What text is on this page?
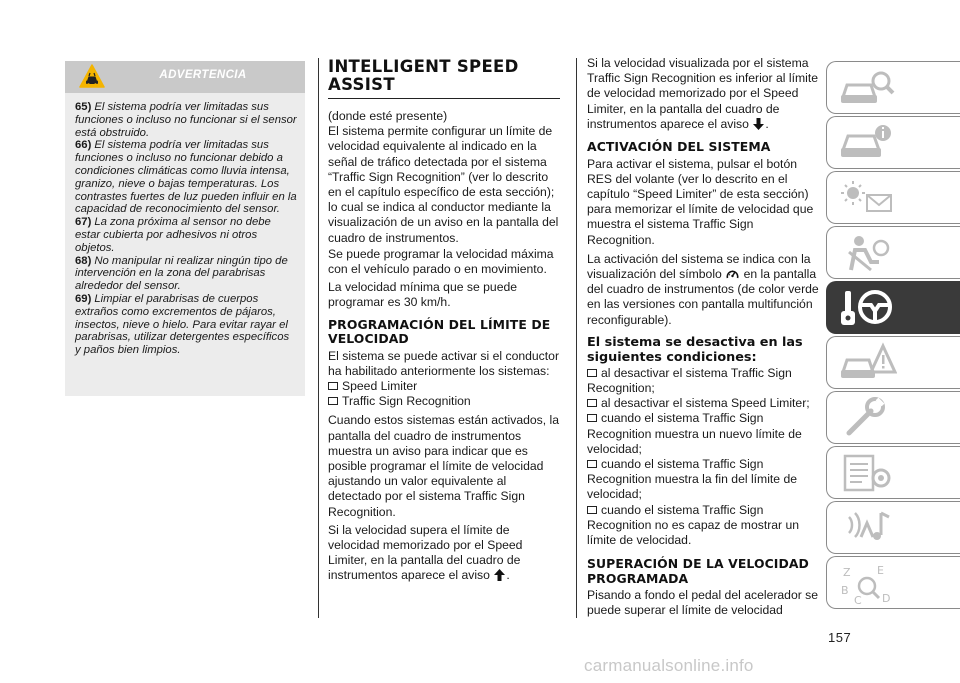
ADVERTENCIA
65) El sistema podría ver limitadas sus funciones o incluso no funcionar si el sensor está obstruido.
66) El sistema podría ver limitadas sus funciones o incluso no funcionar debido a condiciones climáticas como lluvia intensa, granizo, nieve o bajas temperaturas. Los contrastes fuertes de luz pueden influir en la capacidad de reconocimiento del sensor.
67) La zona próxima al sensor no debe estar cubierta por adhesivos ni otros objetos.
68) No manipular ni realizar ningún tipo de intervención en la zona del parabrisas alrededor del sensor.
69) Limpiar el parabrisas de cuerpos extraños como excrementos de pájaros, insectos, nieve o hielo. Para evitar rayar el parabrisas, utilizar detergentes específicos y paños bien limpios.
INTELLIGENT SPEED
ASSIST
(donde esté presente)
El sistema permite configurar un límite de velocidad equivalente al indicado en la señal de tráfico detectada por el sistema “Traffic Sign Recognition” (ver lo descrito en el capítulo específico de esta sección); lo cual se indica al conductor mediante la visualización de un aviso en la pantalla del cuadro de instrumentos.
Se puede programar la velocidad máxima con el vehículo parado o en movimiento.
La velocidad mínima que se puede programar es 30 km/h.
PROGRAMACIÓN DEL LÍMITE DE VELOCIDAD
El sistema se puede activar si el conductor ha habilitado anteriormente los sistemas:
Speed Limiter
Traffic Sign Recognition
Cuando estos sistemas están activados, la pantalla del cuadro de instrumentos muestra un aviso para indicar que es posible programar el límite de velocidad ajustando un valor equivalente al detectado por el sistema Traffic Sign Recognition.
Si la velocidad supera el límite de velocidad memorizado por el Speed Limiter, en la pantalla del cuadro de instrumentos aparece el aviso .
Si la velocidad visualizada por el sistema Traffic Sign Recognition es inferior al límite de velocidad memorizado por el Speed Limiter, en la pantalla del cuadro de instrumentos aparece el aviso .
ACTIVACIÓN DEL SISTEMA
Para activar el sistema, pulsar el botón RES del volante (ver lo descrito en el capítulo “Speed Limiter” de esta sección) para memorizar el límite de velocidad que muestra el sistema Traffic Sign Recognition.
La activación del sistema se indica con la visualización del símbolo en la pantalla del cuadro de instrumentos (de color verde en las versiones con pantalla multifunción reconfigurable).
El sistema se desactiva en las siguientes condiciones:
al desactivar el sistema Traffic Sign Recognition;
al desactivar el sistema Speed Limiter;
cuando el sistema Traffic Sign Recognition muestra un nuevo límite de velocidad;
cuando el sistema Traffic Sign Recognition muestra la fin del límite de velocidad;
cuando el sistema Traffic Sign Recognition no es capaz de mostrar un límite de velocidad.
SUPERACIÓN DE LA VELOCIDAD PROGRAMADA
Pisando a fondo el pedal del acelerador se puede superar el límite de velocidad
Z E
B
C D
157
carmanualsonline.info
